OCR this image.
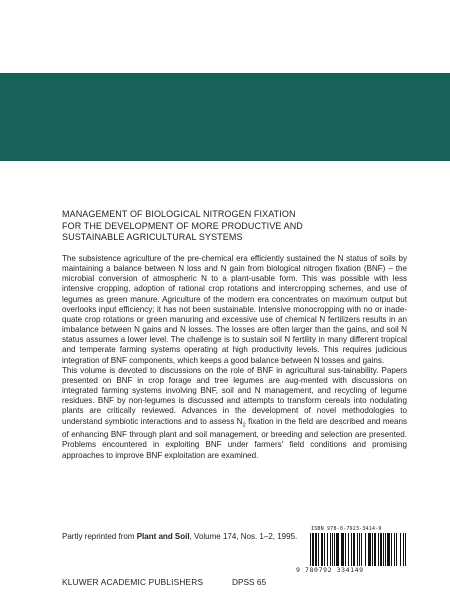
MANAGEMENT OF BIOLOGICAL NITROGEN FIXATION
FOR THE DEVELOPMENT OF MORE PRODUCTIVE AND
SUSTAINABLE AGRICULTURAL SYSTEMS

The subsistence agriculture of the pre-chemical era efficiently sustained the N status of soils by maintaining a balance between N loss and N gain from biological nitrogen fixation (BNF) – the microbial conversion of atmospheric N to a plant-usable form. This was possible with less intensive cropping, adoption of rational crop rotations and intercropping schemes, and use of legumes as green manure. Agriculture of the modern era concentrates on maximum output but overlooks input efficiency; it has not been sustainable. Intensive monocropping with no or inade-quate crop rotations or green manuring and excessive use of chemical N fertilizers results in an imbalance between N gains and N losses. The losses are often larger than the gains, and soil N status assumes a lower level. The challenge is to sustain soil N fertility in many different tropical and temperate farming systems operating at high productivity levels. This requires judicious integration of BNF components, which keeps a good balance between N losses and gains.

This volume is devoted to discussions on the role of BNF in agricultural sus-tainability. Papers presented on BNF in crop forage and tree legumes are aug-mented with discussions on integrated farming systems involving BNF, soil and N management, and recycling of legume residues. BNF by non-legumes is discussed and attempts to transform cereals into nodulating plants are critically reviewed. Advances in the development of novel methodologies to understand symbiotic interactions and to assess $N_2$ fixation in the field are described and means of enhancing BNF through plant and soil management, or breeding and selection are presented. Problems encountered in exploiting BNF under farmers' field conditions and promising approaches to improve BNF exploitation are examined.

Partly reprinted from Plant and Soil, Volume 174, Nos. 1–2, 1995.
ISBN 978-0-7923-3414-9
9 780792 334149
KLUWER ACADEMIC PUBLISHERS	DPSS 65
